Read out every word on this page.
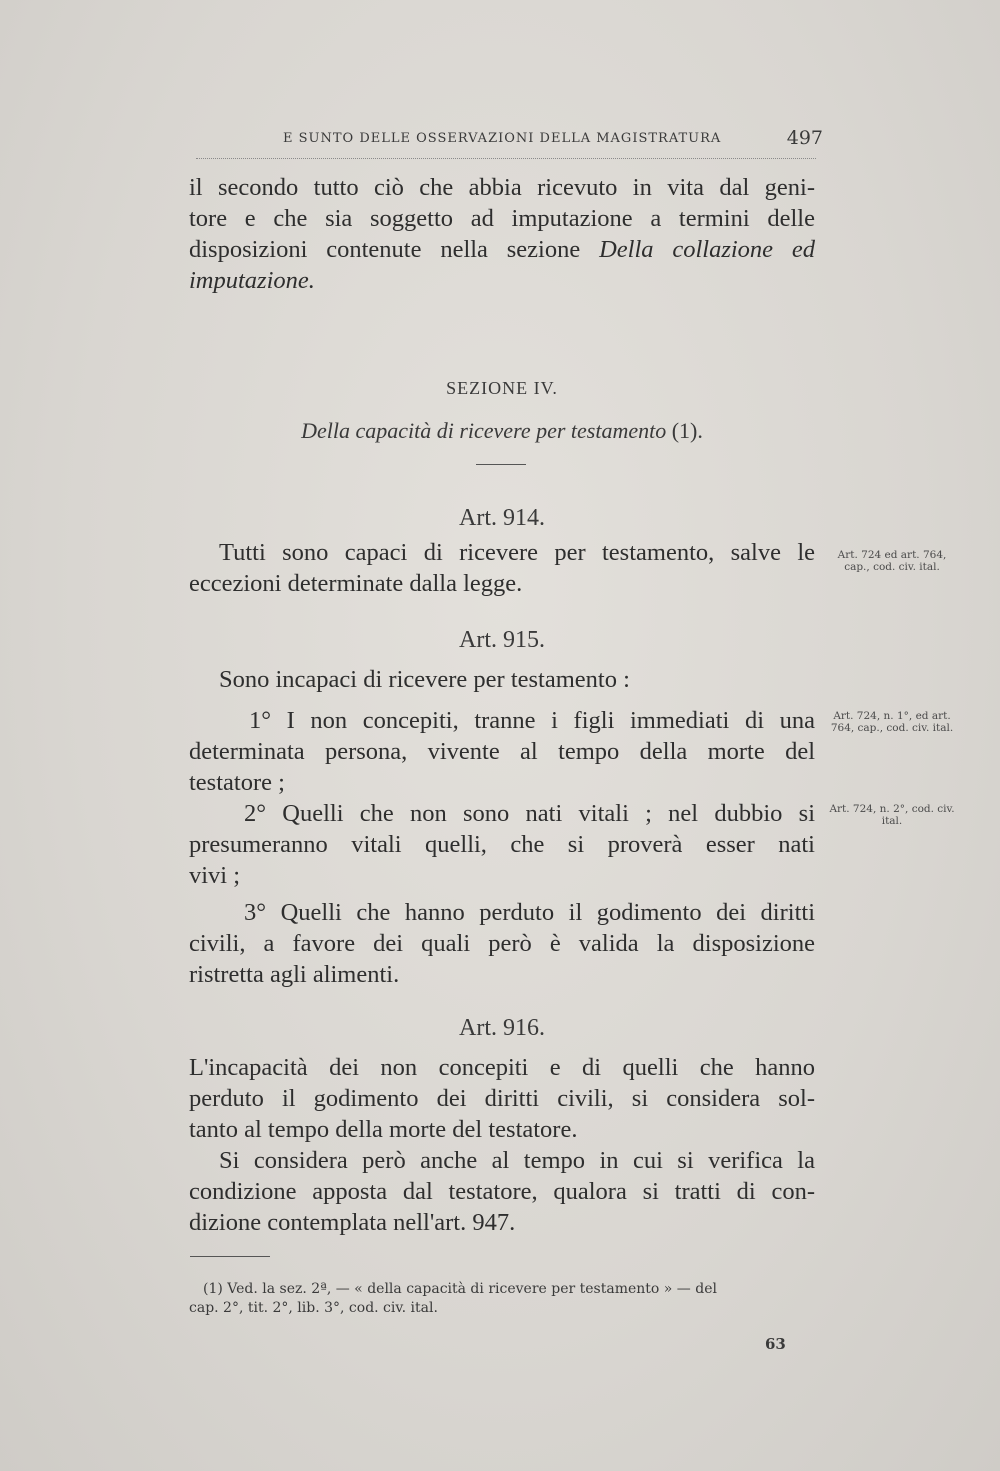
E SUNTO DELLE OSSERVAZIONI DELLA MAGISTRATURA	497
il secondo tutto ciò che abbia ricevuto in vita dal geni-
tore e che sia soggetto ad imputazione a termini delle
disposizioni contenute nella sezione Della collazione ed
imputazione.
SEZIONE IV.
Della capacità di ricevere per testamento (1).
Art. 914.
Tutti sono capaci di ricevere per testamento, salve le
eccezioni determinate dalla legge.
Art. 724 ed art. 764, cap., cod. civ. ital.
Art. 915.
Sono incapaci di ricevere per testamento :
1° I non concepiti, tranne i figli immediati di una
determinata persona, vivente al tempo della morte del
testatore ;
2° Quelli che non sono nati vitali ; nel dubbio si
presumeranno vitali quelli, che si proverà esser nati
vivi ;
3° Quelli che hanno perduto il godimento dei diritti
civili, a favore dei quali però è valida la disposizione
ristretta agli alimenti.
Art. 724, n. 1°, ed art. 764, cap., cod. civ. ital.
Art. 724, n. 2°, cod. civ. ital.
Art. 916.
L'incapacità dei non concepiti e di quelli che hanno
perduto il godimento dei diritti civili, si considera sol-
tanto al tempo della morte del testatore.
Si considera però anche al tempo in cui si verifica la
condizione apposta dal testatore, qualora si tratti di con-
dizione contemplata nell'art. 947.
(1) Ved. la sez. 2ª, — « della capacità di ricevere per testamento » — del
cap. 2°, tit. 2°, lib. 3°, cod. civ. ital.
63
